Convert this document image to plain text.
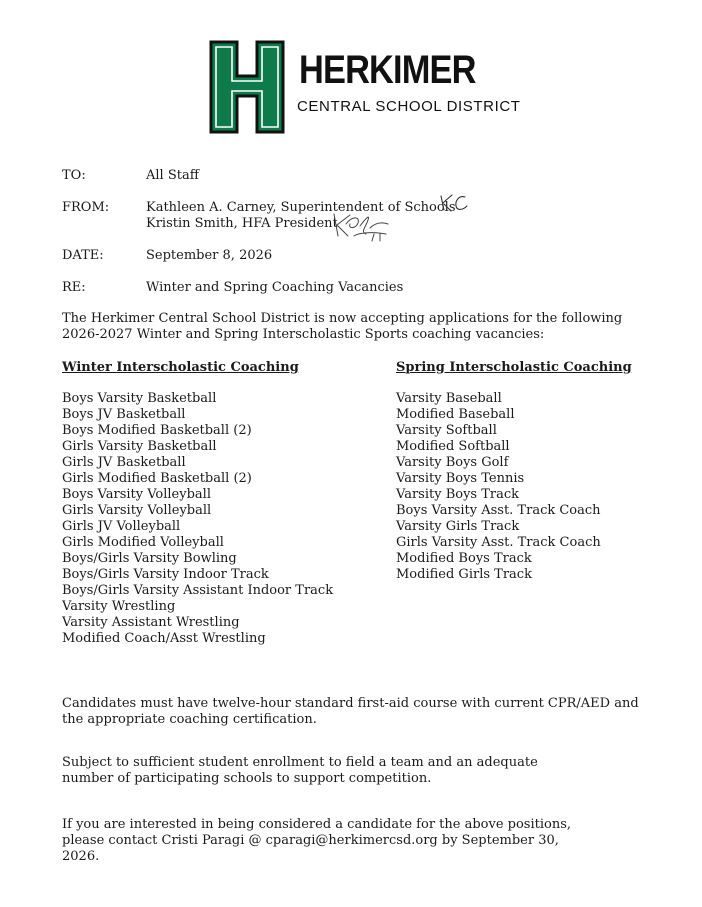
HERKIMER
CENTRAL SCHOOL DISTRICT
TO:	All Staff
FROM:	Kathleen A. Carney, Superintendent of Schools
Kristin Smith, HFA President
DATE:	September 8, 2026
RE:	Winter and Spring Coaching Vacancies

The Herkimer Central School District is now accepting applications for the following 2026-2027 Winter and Spring Interscholastic Sports coaching vacancies:

Winter Interscholastic Coaching
Boys Varsity Basketball
Boys JV Basketball
Boys Modified Basketball (2)
Girls Varsity Basketball
Girls JV Basketball
Girls Modified Basketball (2)
Boys Varsity Volleyball
Girls Varsity Volleyball
Girls JV Volleyball
Girls Modified Volleyball
Boys/Girls Varsity Bowling
Boys/Girls Varsity Indoor Track
Boys/Girls Varsity Assistant Indoor Track
Varsity Wrestling
Varsity Assistant Wrestling
Modified Coach/Asst Wrestling
Spring Interscholastic Coaching
Varsity Baseball
Modified Baseball
Varsity Softball
Modified Softball
Varsity Boys Golf
Varsity Boys Tennis
Varsity Boys Track
Boys Varsity Asst. Track Coach
Varsity Girls Track
Girls Varsity Asst. Track Coach
Modified Boys Track
Modified Girls Track

Candidates must have twelve-hour standard first-aid course with current CPR/AED and the appropriate coaching certification.

Subject to sufficient student enrollment to field a team and an adequate
number of participating schools to support competition.
If you are interested in being considered a candidate for the above positions,
please contact Cristi Paragi @ cparagi@herkimercsd.org by September 30,
2026.
